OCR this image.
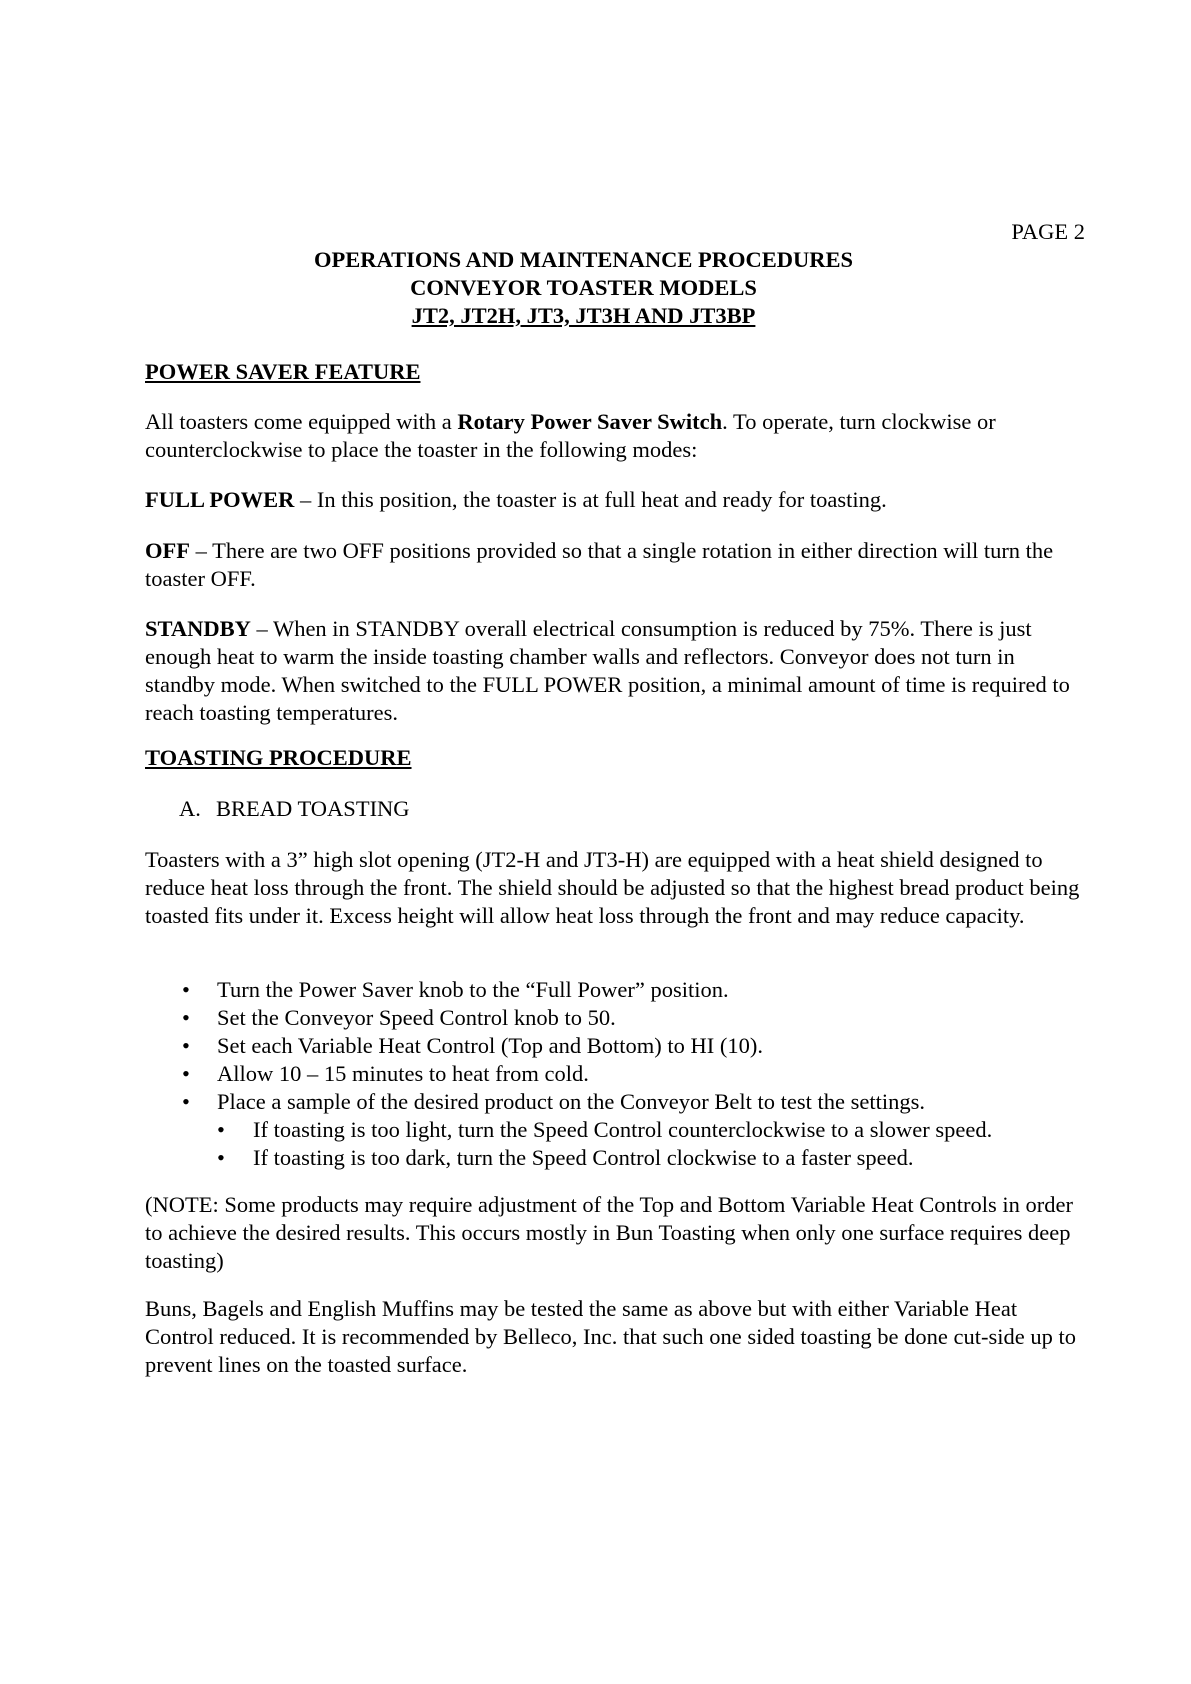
PAGE 2
OPERATIONS AND MAINTENANCE PROCEDURES
CONVEYOR TOASTER MODELS
JT2, JT2H, JT3, JT3H AND JT3BP
POWER SAVER FEATURE
All toasters come equipped with a Rotary Power Saver Switch. To operate, turn clockwise or counterclockwise to place the toaster in the following modes:
FULL POWER – In this position, the toaster is at full heat and ready for toasting.
OFF – There are two OFF positions provided so that a single rotation in either direction will turn the toaster OFF.
STANDBY – When in STANDBY overall electrical consumption is reduced by 75%. There is just enough heat to warm the inside toasting chamber walls and reflectors. Conveyor does not turn in standby mode. When switched to the FULL POWER position, a minimal amount of time is required to reach toasting temperatures.
TOASTING PROCEDURE
A. BREAD TOASTING
Toasters with a 3” high slot opening (JT2-H and JT3-H) are equipped with a heat shield designed to reduce heat loss through the front. The shield should be adjusted so that the highest bread product being toasted fits under it. Excess height will allow heat loss through the front and may reduce capacity.
• Turn the Power Saver knob to the “Full Power” position.
• Set the Conveyor Speed Control knob to 50.
• Set each Variable Heat Control (Top and Bottom) to HI (10).
• Allow 10 – 15 minutes to heat from cold.
• Place a sample of the desired product on the Conveyor Belt to test the settings.
• If toasting is too light, turn the Speed Control counterclockwise to a slower speed.
• If toasting is too dark, turn the Speed Control clockwise to a faster speed.
(NOTE: Some products may require adjustment of the Top and Bottom Variable Heat Controls in order to achieve the desired results. This occurs mostly in Bun Toasting when only one surface requires deep toasting)
Buns, Bagels and English Muffins may be tested the same as above but with either Variable Heat Control reduced. It is recommended by Belleco, Inc. that such one sided toasting be done cut-side up to prevent lines on the toasted surface.
